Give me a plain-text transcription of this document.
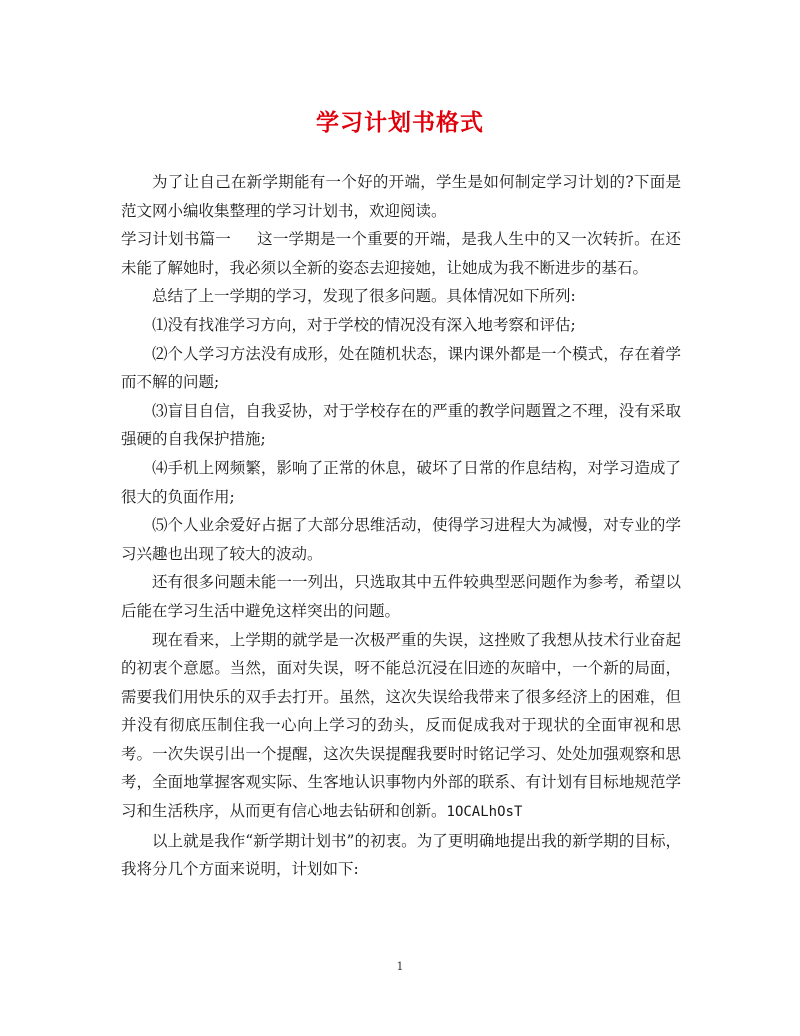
学习计划书格式

为了让自己在新学期能有一个好的开端，学生是如何制定学习计划的?下面是范文网小编收集整理的学习计划书，欢迎阅读。

学习计划书篇一 这一学期是一个重要的开端，是我人生中的又一次转折。在还未能了解她时，我必须以全新的姿态去迎接她，让她成为我不断进步的基石。

总结了上一学期的学习，发现了很多问题。具体情况如下所列:

⑴没有找准学习方向，对于学校的情况没有深入地考察和评估;

⑵个人学习方法没有成形，处在随机状态，课内课外都是一个模式，存在着学而不解的问题;

⑶盲目自信，自我妥协，对于学校存在的严重的教学问题置之不理，没有采取强硬的自我保护措施;

⑷手机上网频繁，影响了正常的休息，破坏了日常的作息结构，对学习造成了很大的负面作用;

⑸个人业余爱好占据了大部分思维活动，使得学习进程大为减慢，对专业的学习兴趣也出现了较大的波动。

还有很多问题未能一一列出，只选取其中五件较典型恶问题作为参考，希望以后能在学习生活中避免这样突出的问题。

现在看来，上学期的就学是一次极严重的失误，这挫败了我想从技术行业奋起的初衷个意愿。当然，面对失误，呀不能总沉浸在旧迹的灰暗中，一个新的局面，需要我们用快乐的双手去打开。虽然，这次失误给我带来了很多经济上的困难，但并没有彻底压制住我一心向上学习的劲头，反而促成我对于现状的全面审视和思考。一次失误引出一个提醒，这次失误提醒我要时时铭记学习、处处加强观察和思考，全面地掌握客观实际、生客地认识事物内外部的联系、有计划有目标地规范学习和生活秩序，从而更有信心地去钻研和创新。1OCALhOsT

以上就是我作“新学期计划书”的初衷。为了更明确地提出我的新学期的目标，我将分几个方面来说明，计划如下:

1
